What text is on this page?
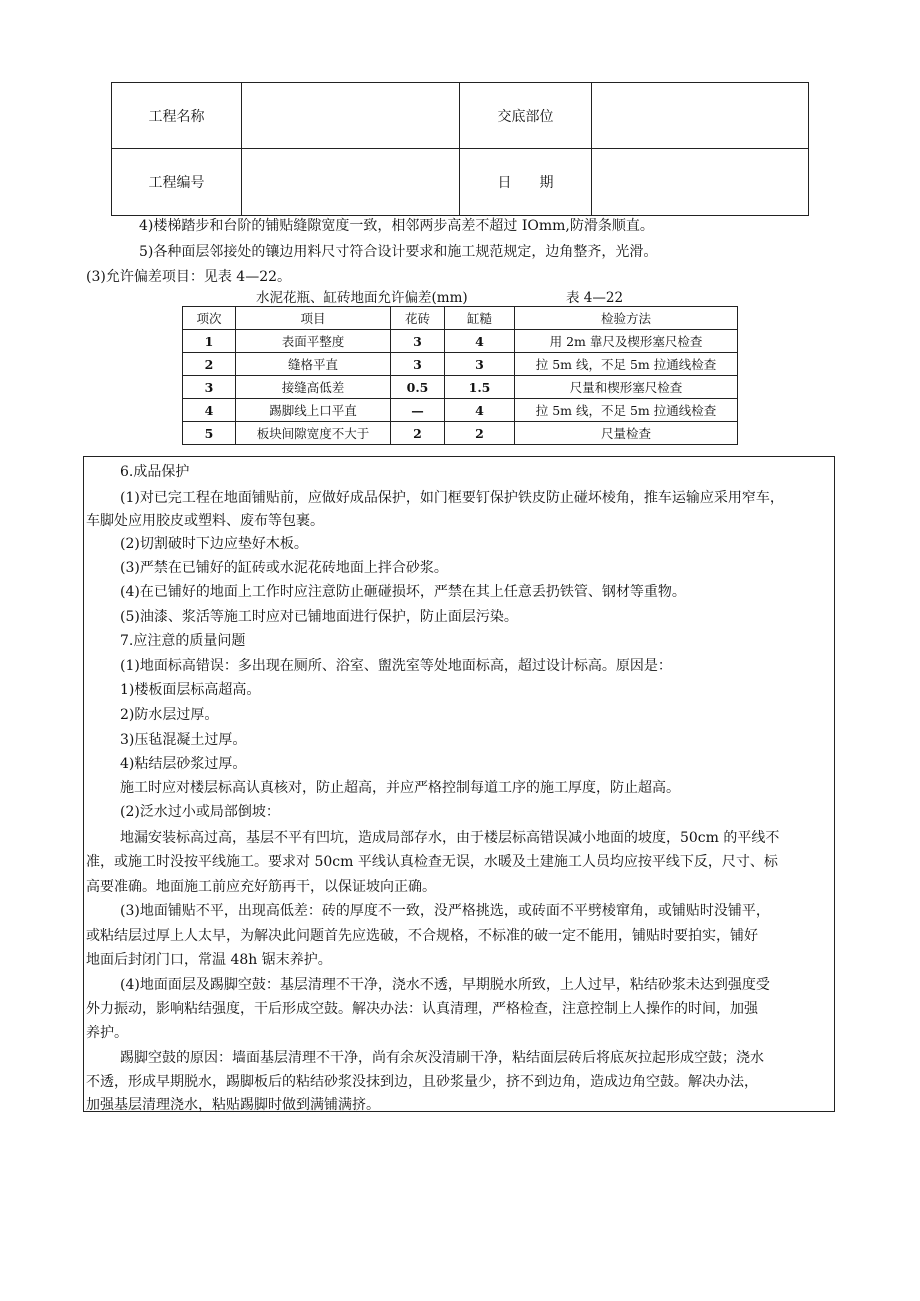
工程名称		交底部位	
工程编号		日　　期	
4)楼梯踏步和台阶的铺贴缝隙宽度一致，相邻两步高差不超过 IOmm,防滑条顺直。
5)各种面层邻接处的镶边用料尺寸符合设计要求和施工规范规定，边角整齐，光滑。
(3)允许偏差项目：见表 4—22。
水泥花瓶、缸砖地面允许偏差(mm)	表 4—22
项次	项目	花砖	缸糙	检验方法
1	表面平整度	3	4	用 2m 靠尺及楔形塞尺检查
2	缝格平直	3	3	拉 5m 线，不足 5m 拉通线检查
3	接缝高低差	0.5	1.5	尺量和楔形塞尺检查
4	踢脚线上口平直	—	4	拉 5m 线，不足 5m 拉通线检查
5	板块间隙宽度不大于	2	2	尺量检查
6.成品保护
(1)对已完工程在地面铺贴前，应做好成品保护，如门框要钉保护铁皮防止碰坏棱角，推车运输应采用窄车，
车脚处应用胶皮或塑料、废布等包裹。
(2)切割破时下边应垫好木板。
(3)严禁在已铺好的缸砖或水泥花砖地面上拌合砂浆。
(4)在已铺好的地面上工作时应注意防止砸碰损坏，严禁在其上任意丢扔铁管、钢材等重物。
(5)油漆、浆活等施工时应对已铺地面进行保护，防止面层污染。
7.应注意的质量问题
(1)地面标高错误：多出现在厕所、浴室、盥洗室等处地面标高，超过设计标高。原因是：
1)楼板面层标高超高。
2)防水层过厚。
3)压毡混凝土过厚。
4)粘结层砂浆过厚。
施工时应对楼层标高认真核对，防止超高，并应严格控制每道工序的施工厚度，防止超高。
(2)泛水过小或局部倒坡：
地漏安装标高过高，基层不平有凹坑，造成局部存水，由于楼层标高错误减小地面的坡度，50cm 的平线不
准，或施工时没按平线施工。要求对 50cm 平线认真检查无误，水暖及土建施工人员均应按平线下反，尺寸、标
高要准确。地面施工前应充好筋再干，以保证坡向正确。
(3)地面铺贴不平，出现高低差：砖的厚度不一致，没严格挑选，或砖面不平劈棱窜角，或铺贴时没铺平，
或粘结层过厚上人太早，为解决此问题首先应选破，不合规格，不标准的破一定不能用，铺贴时要拍实，铺好
地面后封闭门口，常温 48h 锯末养护。
(4)地面面层及踢脚空鼓：基层清理不干净，浇水不透，早期脱水所致，上人过早，粘结砂浆未达到强度受
外力振动，影响粘结强度，干后形成空鼓。解决办法：认真清理，严格检查，注意控制上人操作的时间，加强
养护。
踢脚空鼓的原因：墙面基层清理不干净，尚有余灰没清刷干净，粘结面层砖后将底灰拉起形成空鼓；浇水
不透，形成早期脱水，踢脚板后的粘结砂浆没抹到边，且砂浆量少，挤不到边角，造成边角空鼓。解决办法，
加强基层清理浇水，粘贴踢脚时做到满铺满挤。
